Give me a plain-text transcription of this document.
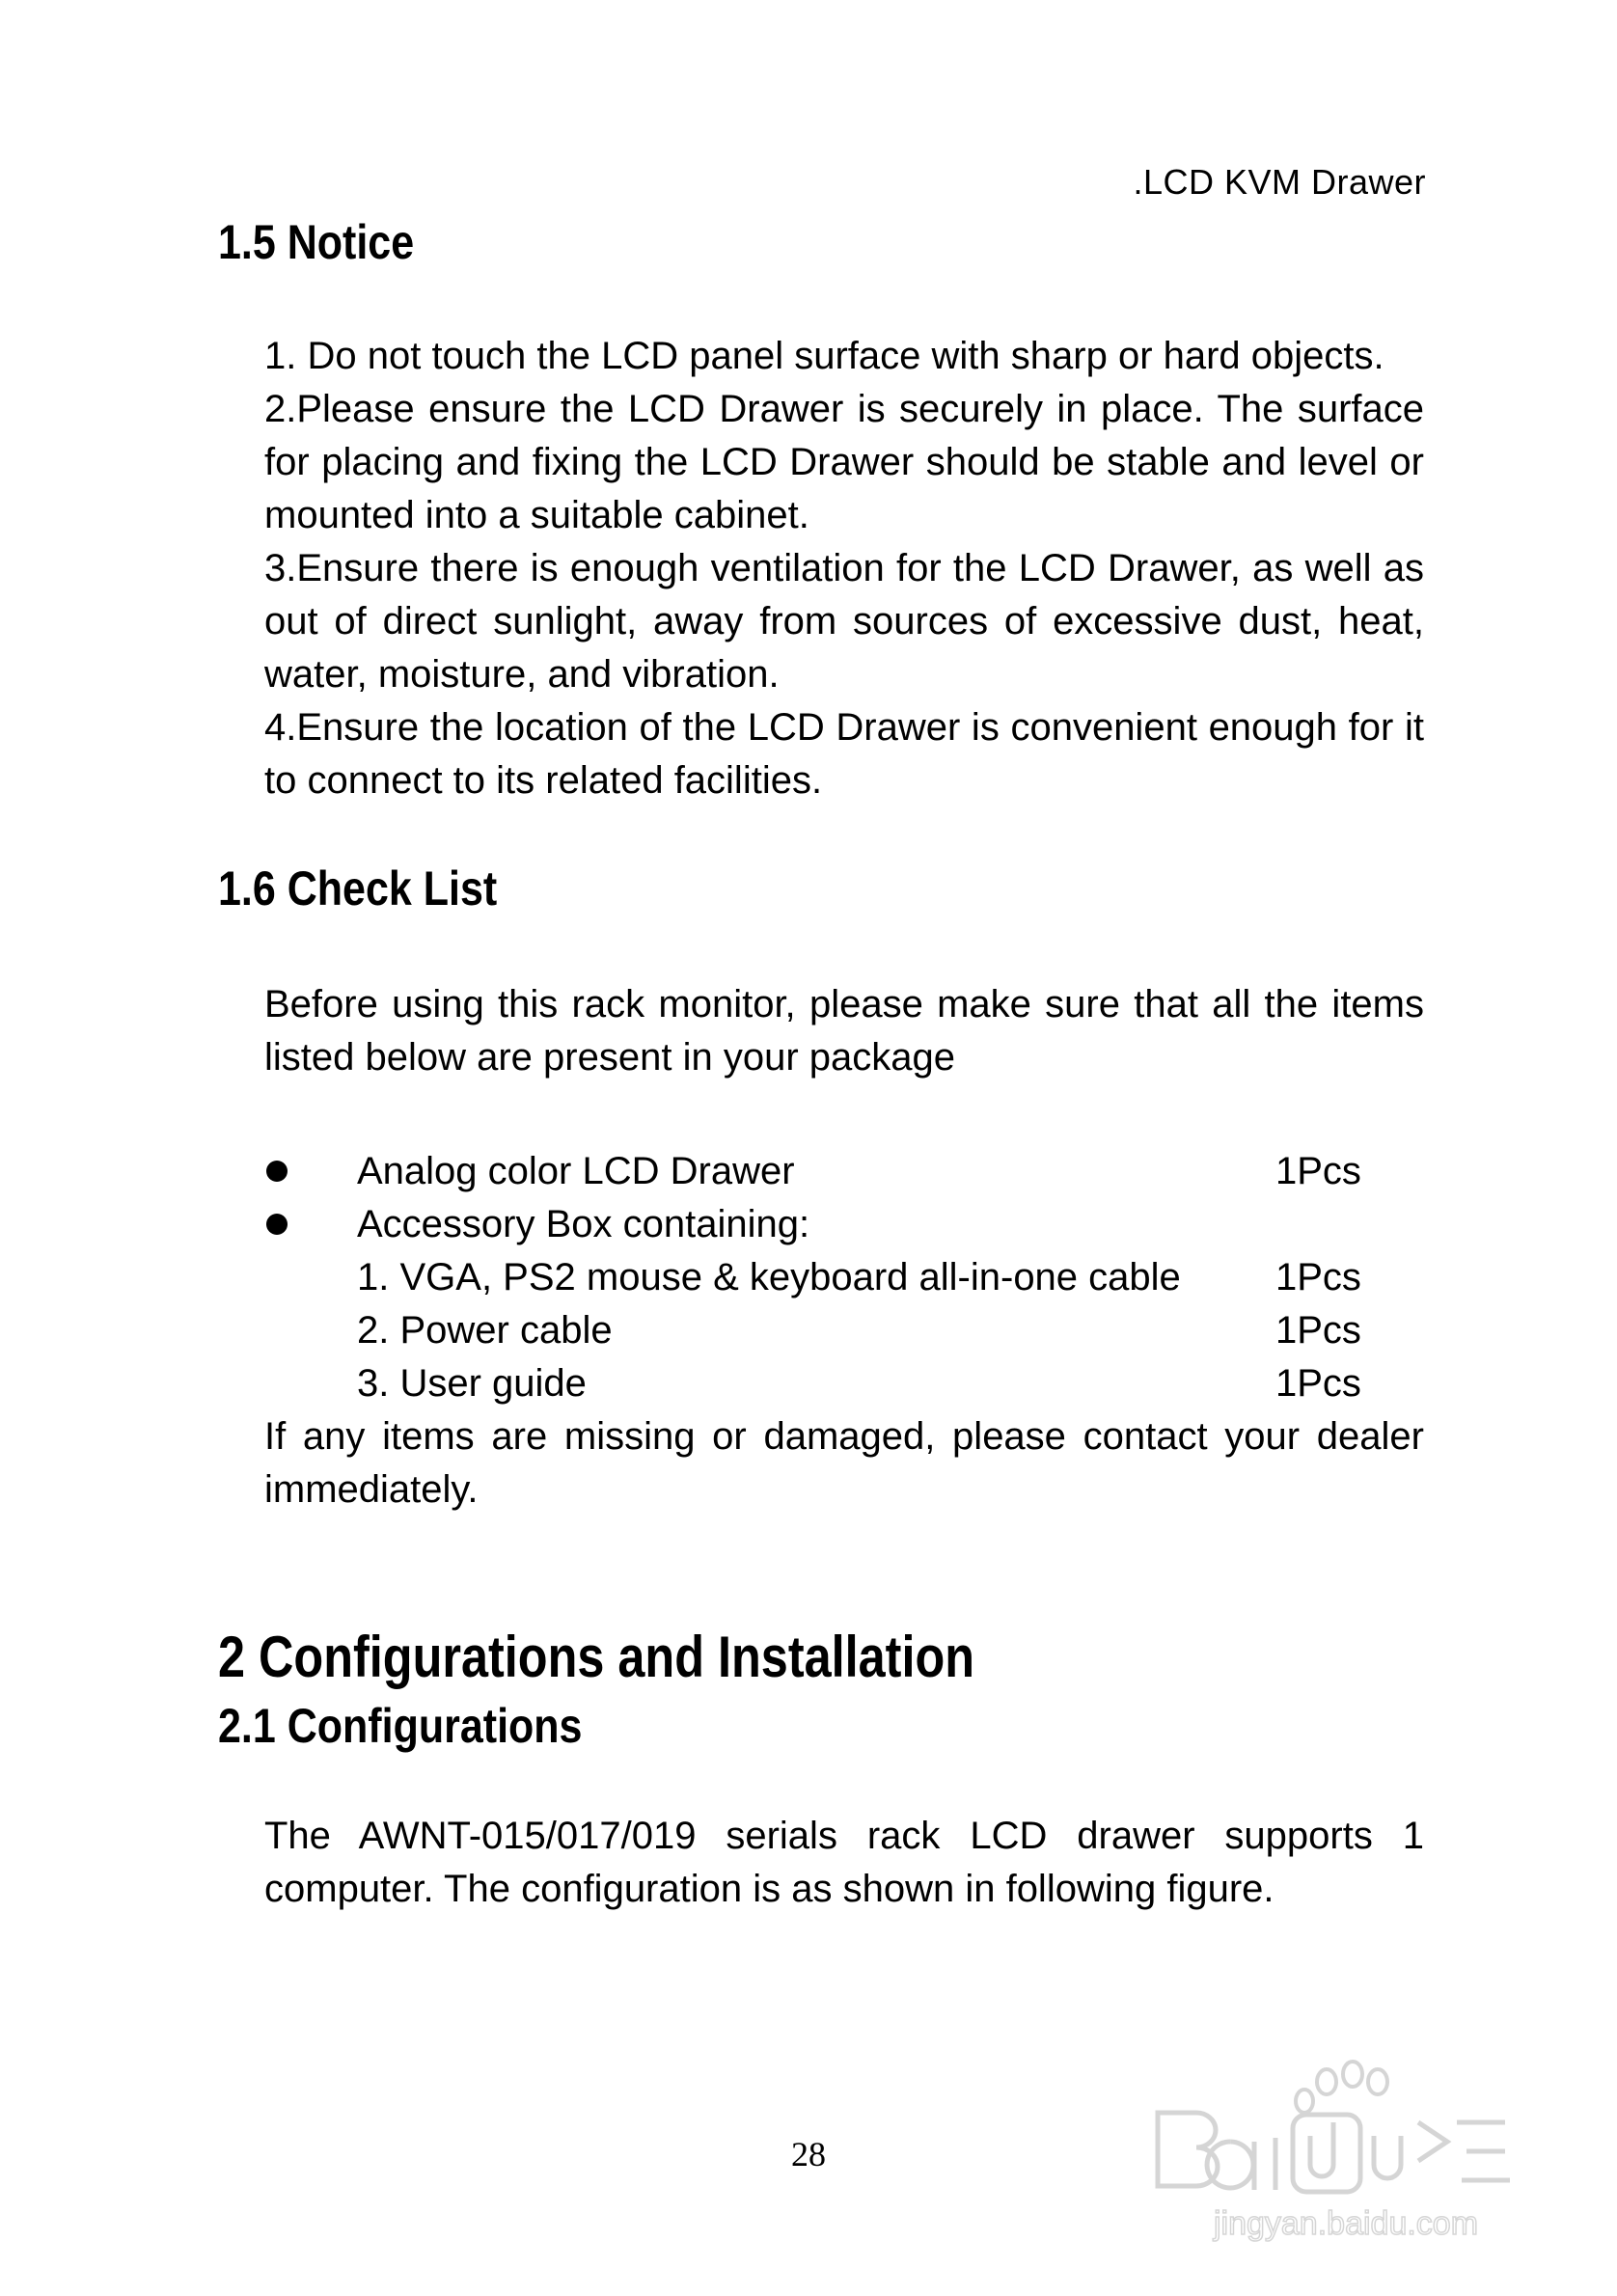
.LCD KVM Drawer
1.5 Notice

1. Do not touch the LCD panel surface with sharp or hard objects.

2.Please ensure the LCD Drawer is securely in place. The surface for placing and fixing the LCD Drawer should be stable and level or mounted into a suitable cabinet.

3.Ensure there is enough ventilation for the LCD Drawer, as well as out of direct sunlight, away from sources of excessive dust, heat, water, moisture, and vibration.

4.Ensure the location of the LCD Drawer is convenient enough for it to connect to its related facilities.

1.6 Check List

Before using this rack monitor, please make sure that all the items listed below are present in your package

Analog color LCD Drawer	1Pcs
Accessory Box containing:
1. VGA, PS2 mouse & keyboard all-in-one cable 1Pcs
2. Power cable	1Pcs
3. User guide	1Pcs

If any items are missing or damaged, please contact your dealer immediately.

2 Configurations and Installation
2.1 Configurations

The AWNT-015/017/019 serials rack LCD drawer supports 1 computer. The configuration is as shown in following figure.

28
jingyan.baidu.com
